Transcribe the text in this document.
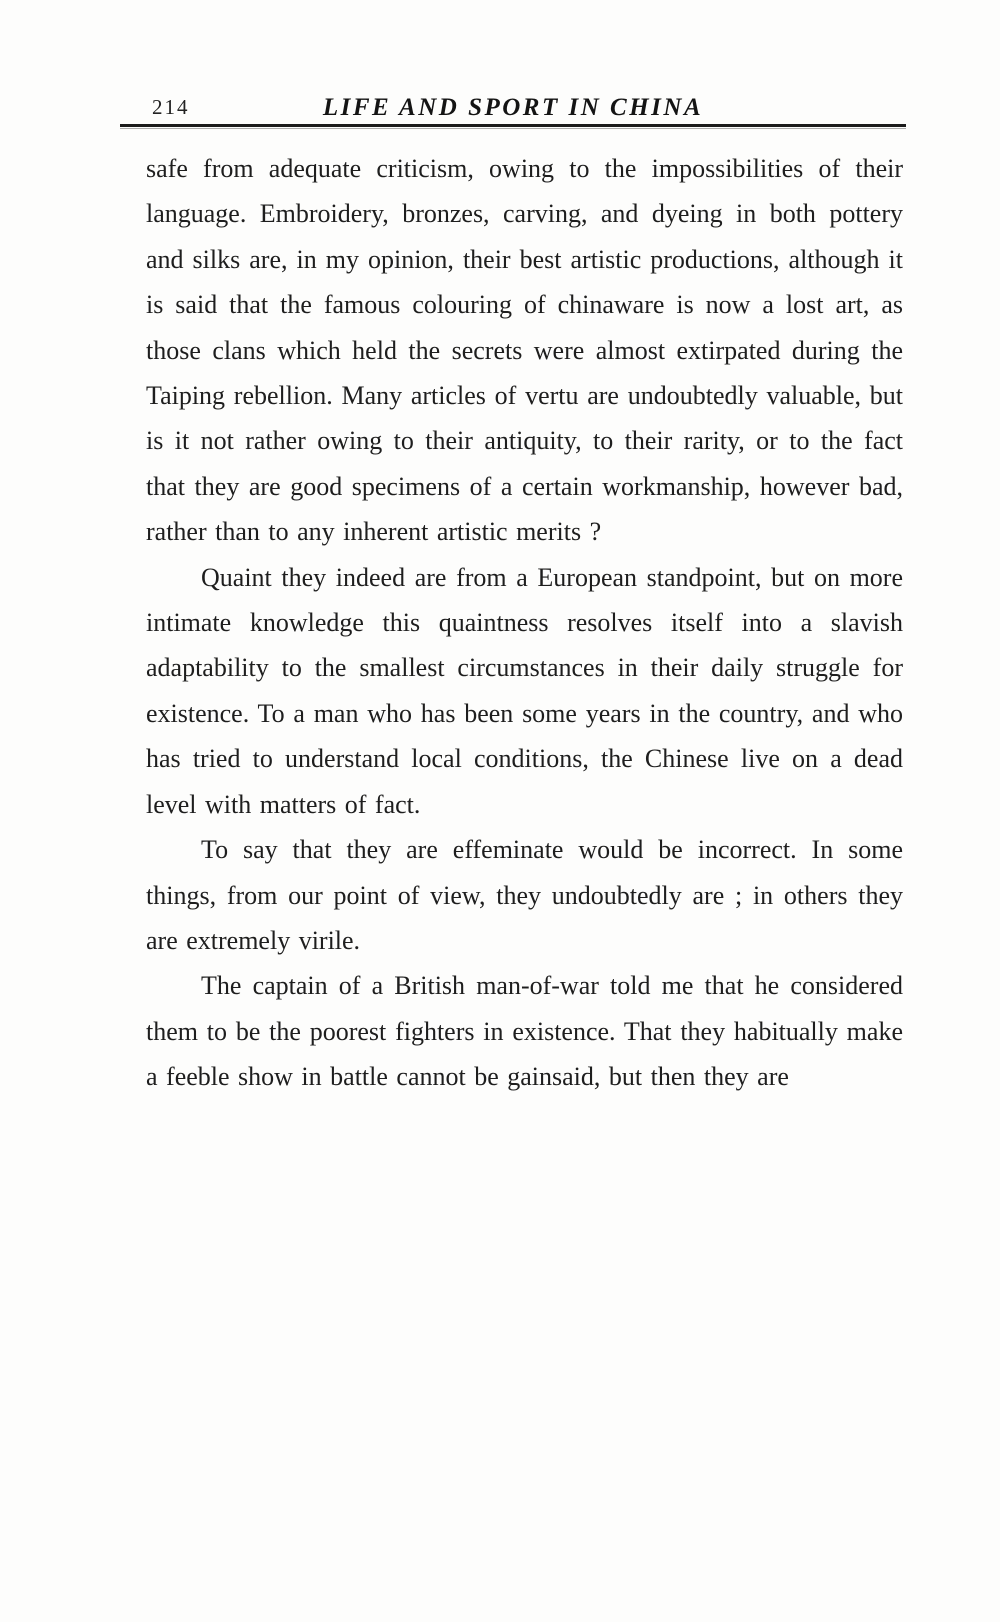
214	LIFE AND SPORT IN CHINA

safe from adequate criticism, owing to the impossibilities of their language. Embroidery, bronzes, carving, and dyeing in both pottery and silks are, in my opinion, their best artistic productions, although it is said that the famous colouring of chinaware is now a lost art, as those clans which held the secrets were almost extirpated during the Taiping rebellion. Many articles of vertu are undoubtedly valuable, but is it not rather owing to their antiquity, to their rarity, or to the fact that they are good specimens of a certain workmanship, however bad, rather than to any inherent artistic merits ?

Quaint they indeed are from a European standpoint, but on more intimate knowledge this quaintness resolves itself into a slavish adaptability to the smallest circumstances in their daily struggle for existence. To a man who has been some years in the country, and who has tried to understand local conditions, the Chinese live on a dead level with matters of fact.

To say that they are effeminate would be incorrect. In some things, from our point of view, they undoubtedly are ; in others they are extremely virile.

The captain of a British man-of-war told me that he considered them to be the poorest fighters in existence. That they habitually make a feeble show in battle cannot be gainsaid, but then they are
